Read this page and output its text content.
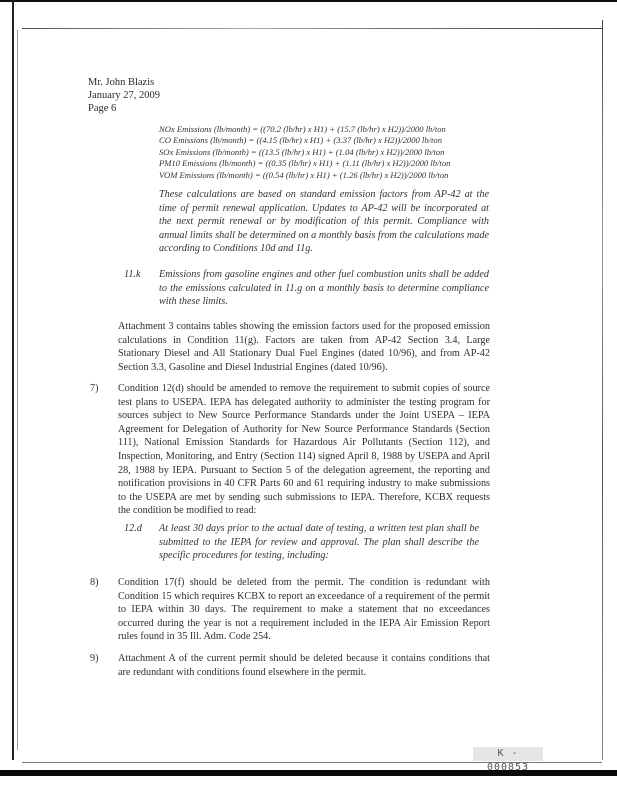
Mr. John Blazis
January 27, 2009
Page 6
NOx Emissions (lb/month) = ((70.2 (lb/hr) x H1) + (15.7 (lb/hr) x H2))/2000 lb/ton
CO Emissions (lb/month) = ((4.15 (lb/hr) x H1) + (3.37 (lb/hr) x H2))/2000 lb/ton
SOx Emissions (lb/month) = ((13.5 (lb/hr) x H1) + (1.04 (lb/hr) x H2))/2000 lb/ton
PM10 Emissions (lb/month) = ((0.35 (lb/hr) x H1) + (1.11 (lb/hr) x H2))/2000 lb/ton
VOM Emissions (lb/month) = ((0.54 (lb/hr) x H1) + (1.26 (lb/hr) x H2))/2000 lb/ton
These calculations are based on standard emission factors from AP-42 at the time of permit renewal application. Updates to AP-42 will be incorporated at the next permit renewal or by modification of this permit. Compliance with annual limits shall be determined on a monthly basis from the calculations made according to Conditions 10d and 11g.
11.k Emissions from gasoline engines and other fuel combustion units shall be added to the emissions calculated in 11.g on a monthly basis to determine compliance with these limits.
Attachment 3 contains tables showing the emission factors used for the proposed emission calculations in Condition 11(g). Factors are taken from AP-42 Section 3.4, Large Stationary Diesel and All Stationary Dual Fuel Engines (dated 10/96), and from AP-42 Section 3.3, Gasoline and Diesel Industrial Engines (dated 10/96).
7) Condition 12(d) should be amended to remove the requirement to submit copies of source test plans to USEPA. IEPA has delegated authority to administer the testing program for sources subject to New Source Performance Standards under the Joint USEPA – IEPA Agreement for Delegation of Authority for New Source Performance Standards (Section 111), National Emission Standards for Hazardous Air Pollutants (Section 112), and Inspection, Monitoring, and Entry (Section 114) signed April 8, 1988 by USEPA and April 28, 1988 by IEPA. Pursuant to Section 5 of the delegation agreement, the reporting and notification provisions in 40 CFR Parts 60 and 61 requiring industry to make submissions to the USEPA are met by sending such submissions to IEPA. Therefore, KCBX requests the condition be modified to read:
12.d At least 30 days prior to the actual date of testing, a written test plan shall be submitted to the IEPA for review and approval. The plan shall describe the specific procedures for testing, including:
8) Condition 17(f) should be deleted from the permit. The condition is redundant with Condition 15 which requires KCBX to report an exceedance of a requirement of the permit to IEPA within 30 days. The requirement to make a statement that no exceedances occurred during the year is not a requirement included in the IEPA Air Emission Report rules found in 35 Ill. Adm. Code 254.
9) Attachment A of the current permit should be deleted because it contains conditions that are redundant with conditions found elsewhere in the permit.
K - 000853
